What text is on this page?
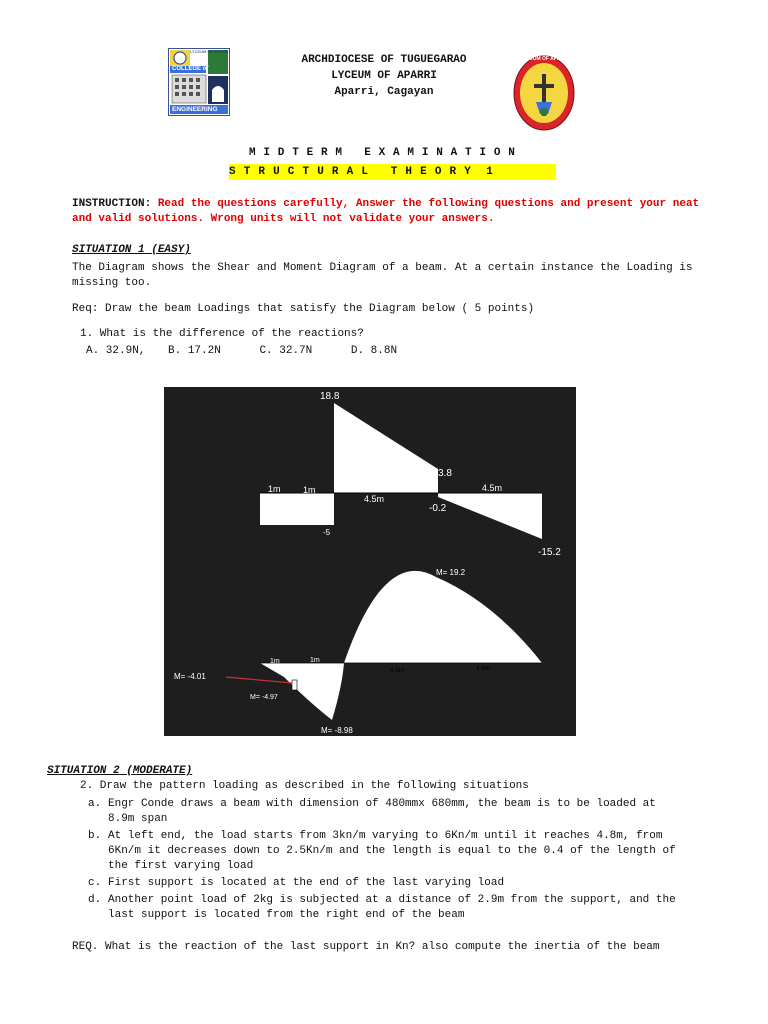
LYCEUM OF APARRI
COLLEGE of
ENGINEERING
ARCHDIOCESE OF TUGUEGARAO
LYCEUM OF APARRI
Aparri, Cagayan
LYCEUM OF APARRI
M I D T E R M   E X A M I N A T I O N
S T R U C T U R A L   T H E O R Y  1
INSTRUCTION: Read the questions carefully, Answer the following questions and present your neat and valid solutions. Wrong units will not validate your answers.
SITUATION 1 (EASY)
The Diagram shows the Shear and Moment Diagram of a beam. At a certain instance the Loading is missing too.
Req: Draw the beam Loadings that satisfy the Diagram below ( 5 points)
1. What is the difference of the reactions?
A. 32.9N, B. 17.2N	C. 32.7N	D. 8.8N
18.8
3.8
-0.2
-15.2
-5
1m 1m
4.5m
4.5m
M= 19.2
M= -8.98
M= -4.01
M= -4.97
1m	1m
4.5m	4.9m
SITUATION 2 (MODERATE)
2. Draw the pattern loading as described in the following situations
a. Engr Conde draws a beam with dimension of 480mmx 680mm, the beam is to be loaded at
8.9m span
b. At left end, the load starts from 3kn/m varying to 6Kn/m until it reaches 4.8m, from
6Kn/m it decreases down to 2.5Kn/m and the length is equal to the 0.4 of the length of
the first varying load
c. First support is located at the end of the last varying load
d. Another point load of 2kg is subjected at a distance of 2.9m from the support, and the
last support is located from the right end of the beam
REQ. What is the reaction of the last support in Kn? also compute the inertia of the beam
